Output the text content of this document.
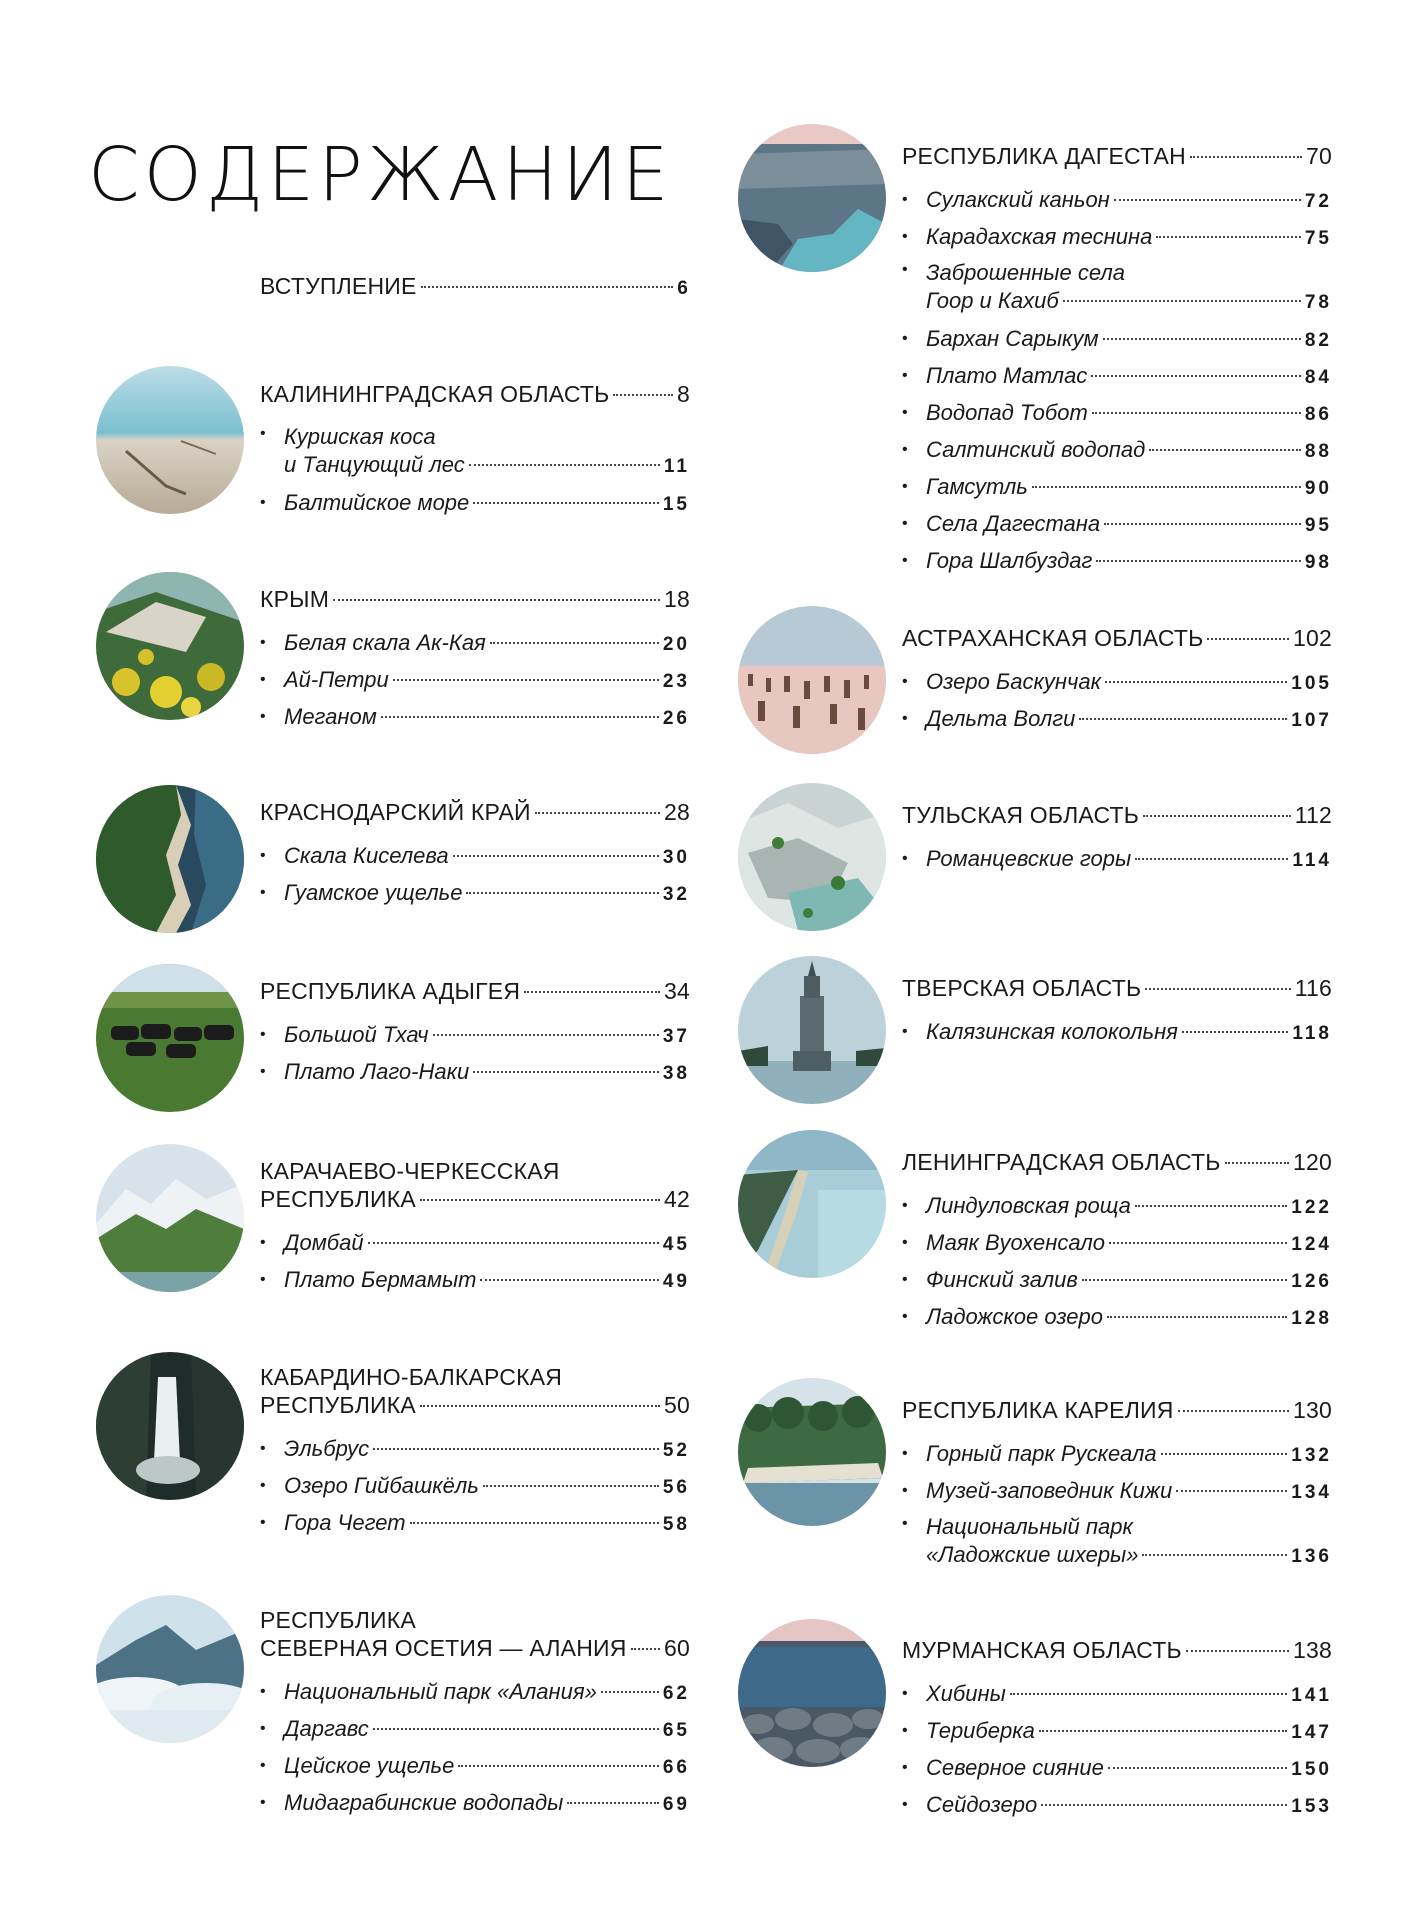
СОДЕРЖАНИЕ
ВСТУПЛЕНИЕ	6
КАЛИНИНГРАДСКАЯ ОБЛАСТЬ	8
• Куршская коса
и Танцующий лес	11
• Балтийское море	15
КРЫМ	18
• Белая скала Ак-Кая	20
• Ай-Петри	23
• Меганом	26
КРАСНОДАРСКИЙ КРАЙ	28
• Скала Киселева	30
• Гуамское ущелье	32
РЕСПУБЛИКА АДЫГЕЯ	34
• Большой Тхач	37
• Плато Лаго-Наки	38
КАРАЧАЕВО-ЧЕРКЕССКАЯ
РЕСПУБЛИКА	42
• Домбай	45
• Плато Бермамыт	49
КАБАРДИНО-БАЛКАРСКАЯ
РЕСПУБЛИКА	50
• Эльбрус	52
• Озеро Гийбашкёль	56
• Гора Чегет	58
РЕСПУБЛИКА
СЕВЕРНАЯ ОСЕТИЯ — АЛАНИЯ 60
• Национальный парк «Алания»	62
• Даргавс	65
• Цейское ущелье	66
• Мидаграбинские водопады	69
РЕСПУБЛИКА ДАГЕСТАН	70
• Сулакский каньон	72
• Карадахская теснина	75
• Заброшенные села
Гоор и Кахиб	78
• Бархан Сарыкум	82
• Плато Матлас	84
• Водопад Тобот	86
• Салтинский водопад	88
• Гамсутль	90
• Села Дагестана	95
• Гора Шалбуздаг	98
АСТРАХАНСКАЯ ОБЛАСТЬ	102
• Озеро Баскунчак	105
• Дельта Волги	107
ТУЛЬСКАЯ ОБЛАСТЬ	112
• Романцевские горы	114
ТВЕРСКАЯ ОБЛАСТЬ	116
• Калязинская колокольня	118
ЛЕНИНГРАДСКАЯ ОБЛАСТЬ	120
• Линдуловская роща	122
• Маяк Вуохенсало	124
• Финский залив	126
• Ладожское озеро	128
РЕСПУБЛИКА КАРЕЛИЯ	130
• Горный парк Рускеала	132
• Музей-заповедник Кижи	134
• Национальный парк
«Ладожские шхеры»	136
МУРМАНСКАЯ ОБЛАСТЬ	138
• Хибины	141
• Териберка	147
• Северное сияние	150
• Сейдозеро	153
